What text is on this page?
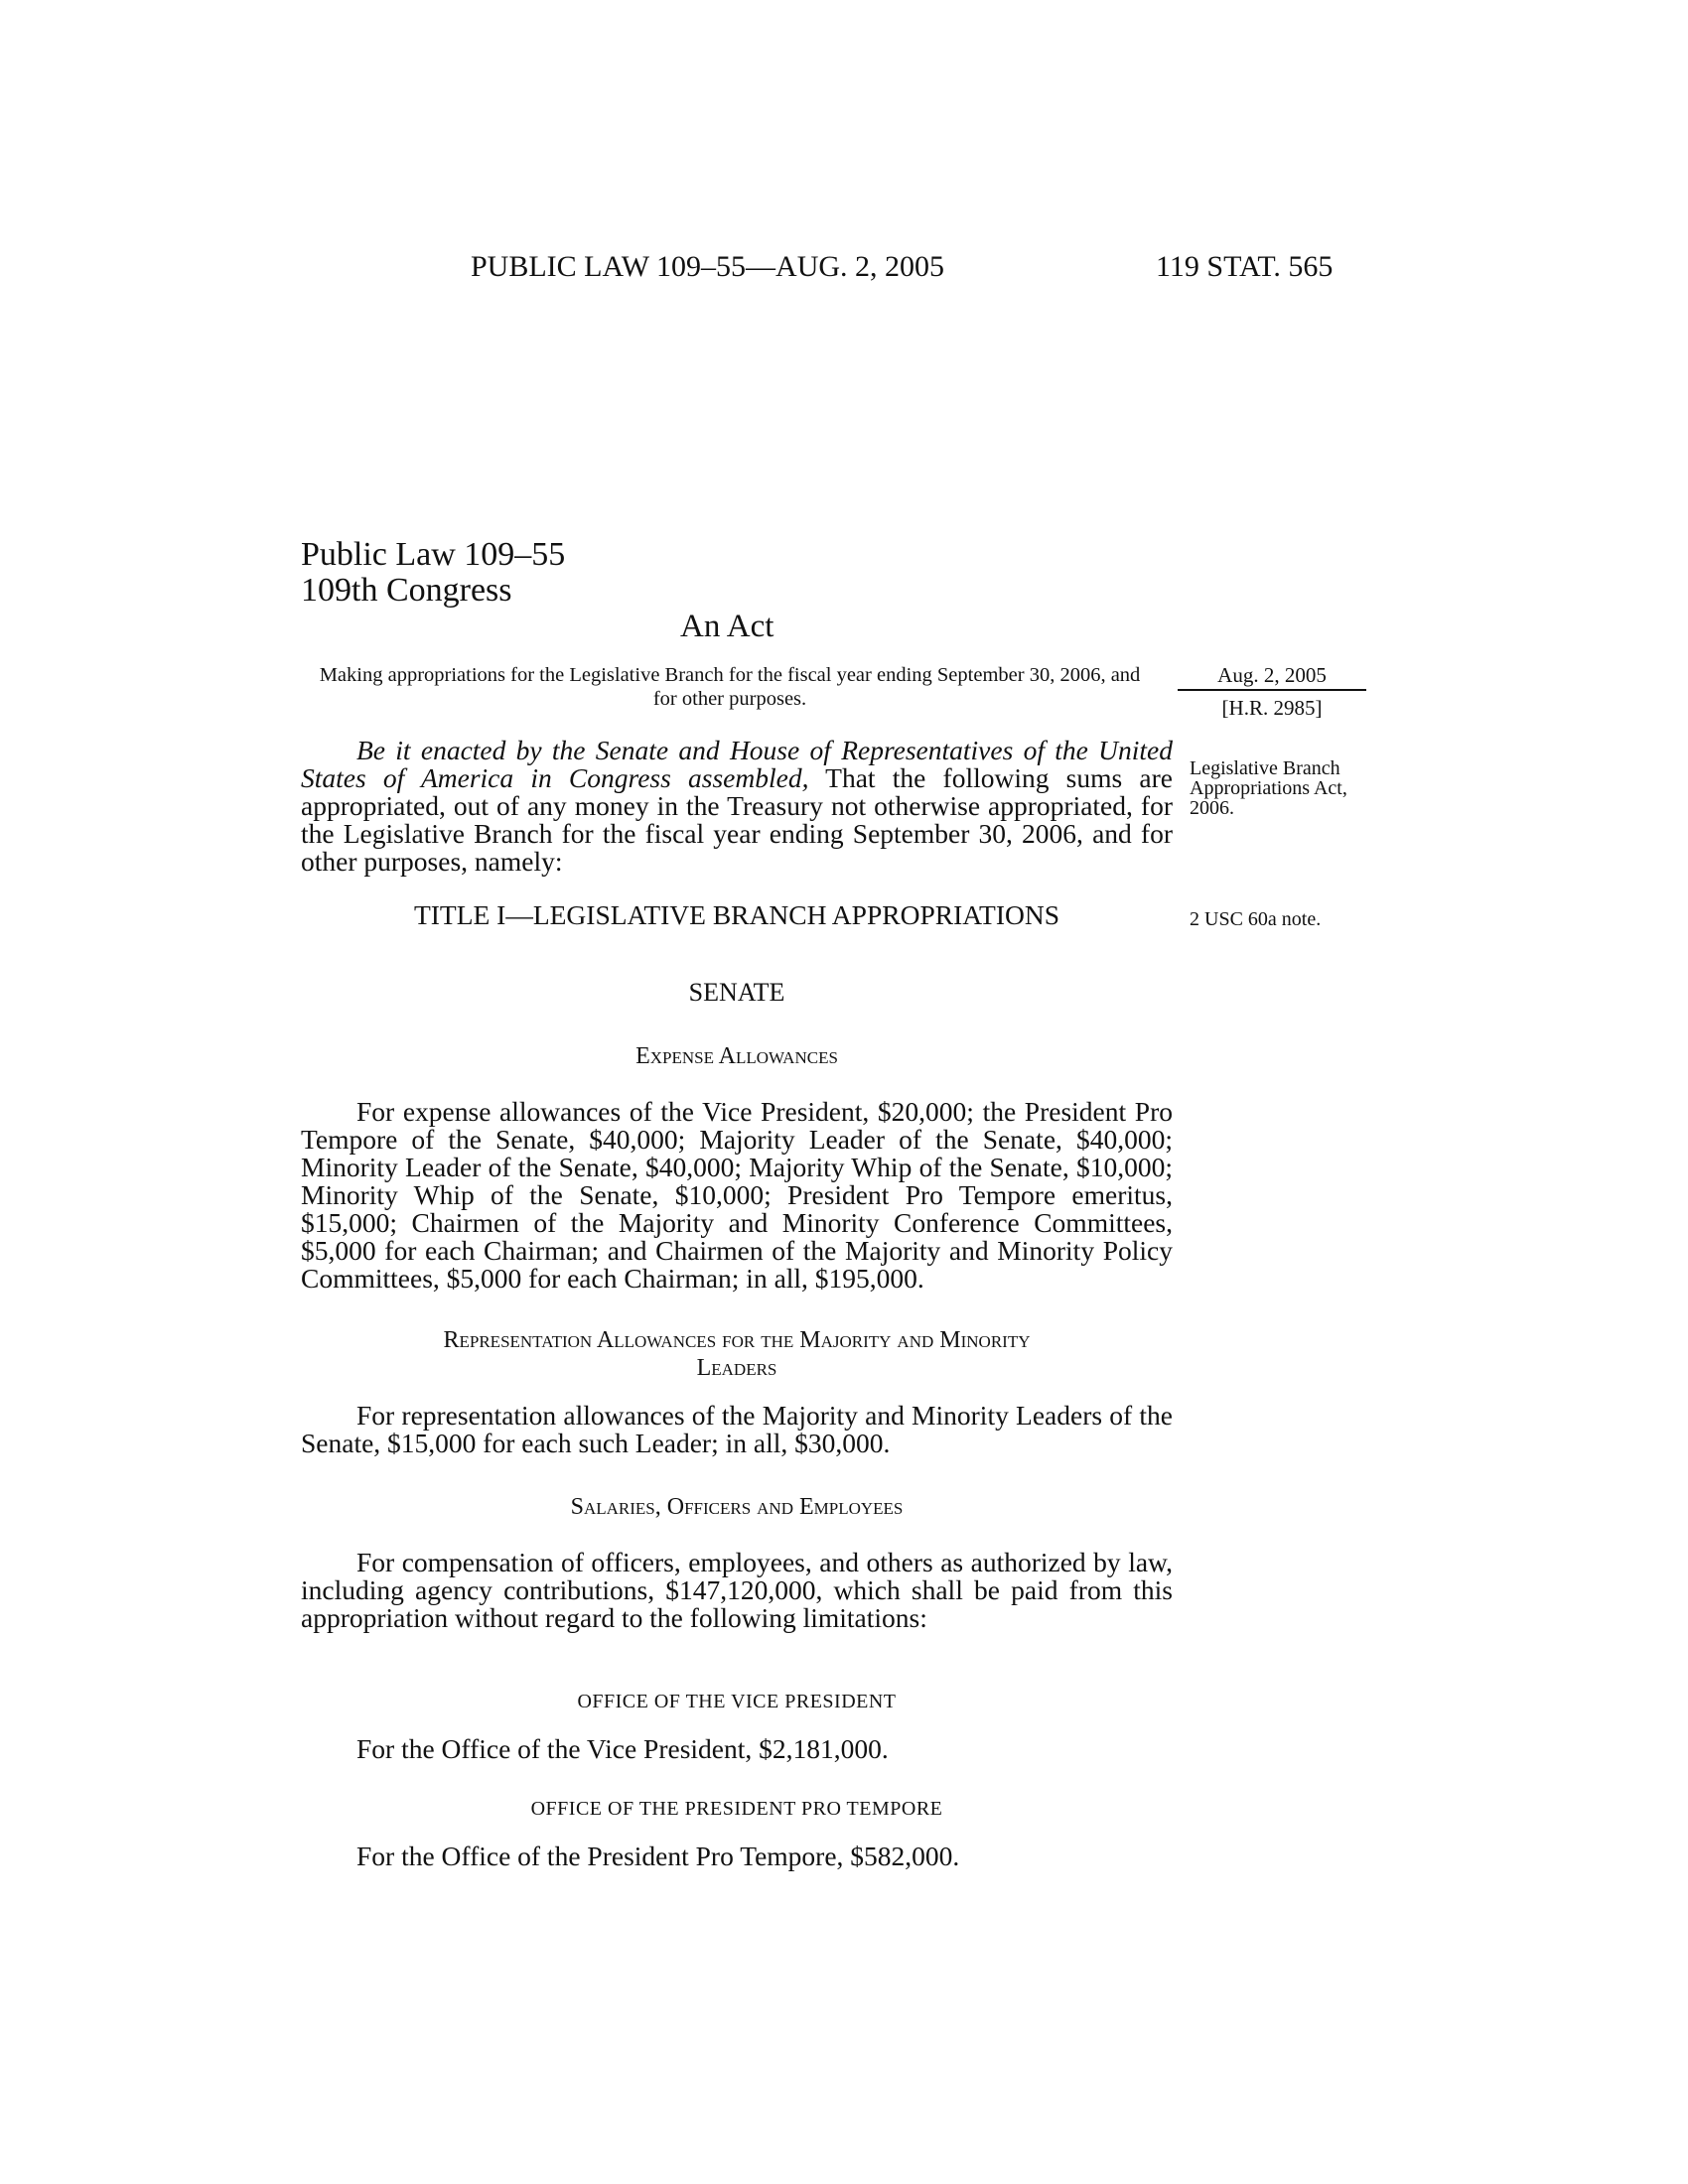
PUBLIC LAW 109–55—AUG. 2, 2005	119 STAT. 565
Public Law 109–55
109th Congress
An Act
Making appropriations for the Legislative Branch for the fiscal year ending September 30, 2006, and for other purposes.
Aug. 2, 2005
[H.R. 2985]
Legislative Branch Appropriations Act, 2006.
2 USC 60a note.

Be it enacted by the Senate and House of Representatives of the United States of America in Congress assembled, That the following sums are appropriated, out of any money in the Treasury not otherwise appropriated, for the Legislative Branch for the fiscal year ending September 30, 2006, and for other purposes, namely:

TITLE I—LEGISLATIVE BRANCH APPROPRIATIONS
SENATE
Expense Allowances

For expense allowances of the Vice President, $20,000; the President Pro Tempore of the Senate, $40,000; Majority Leader of the Senate, $40,000; Minority Leader of the Senate, $40,000; Majority Whip of the Senate, $10,000; Minority Whip of the Senate, $10,000; President Pro Tempore emeritus, $15,000; Chairmen of the Majority and Minority Conference Committees, $5,000 for each Chairman; and Chairmen of the Majority and Minority Policy Committees, $5,000 for each Chairman; in all, $195,000.

Representation Allowances for the Majority and Minority
Leaders

For representation allowances of the Majority and Minority Leaders of the Senate, $15,000 for each such Leader; in all, $30,000.

Salaries, Officers and Employees

For compensation of officers, employees, and others as authorized by law, including agency contributions, $147,120,000, which shall be paid from this appropriation without regard to the following limitations:

OFFICE OF THE VICE PRESIDENT
For the Office of the Vice President, $2,181,000.
OFFICE OF THE PRESIDENT PRO TEMPORE
For the Office of the President Pro Tempore, $582,000.
